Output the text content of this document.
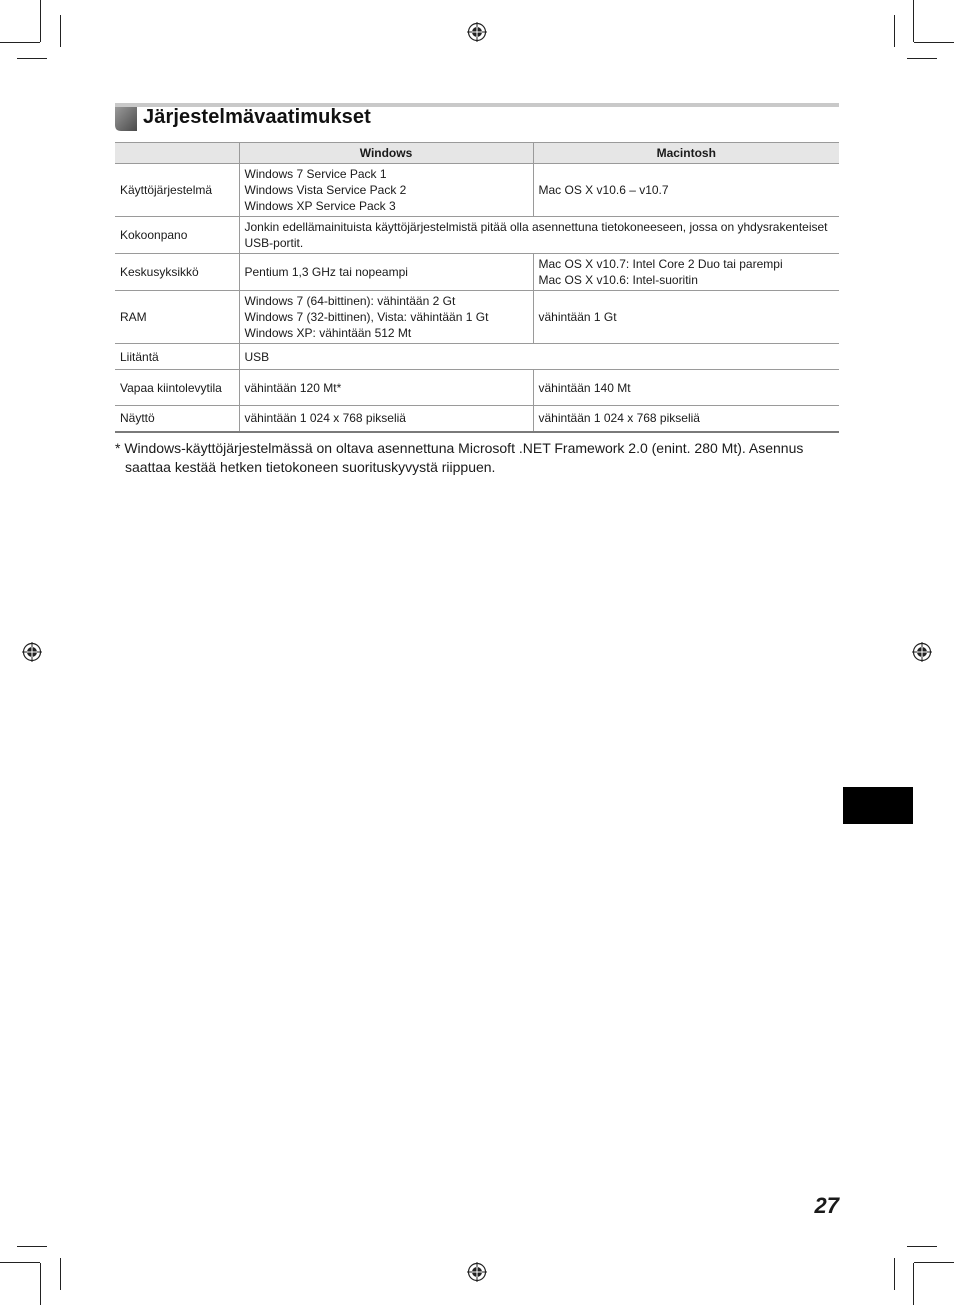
Järjestelmävaatimukset
	Windows	Macintosh
Käyttöjärjestelmä	Windows 7 Service Pack 1
Windows Vista Service Pack 2
Windows XP Service Pack 3	Mac OS X v10.6 – v10.7

Kokoonpano	Jonkin edellämainituista käyttöjärjestelmistä pitää olla asennettuna tietokoneeseen, jossa on yhdysrakenteiset USB-portit.	
Keskusyksikkö	Pentium 1,3 GHz tai nopeampi	Mac OS X v10.7: Intel Core 2 Duo tai parempi
Mac OS X v10.6: Intel-suoritin

RAM	Windows 7 (64-bittinen): vähintään 2 Gt
Windows 7 (32-bittinen), Vista: vähintään 1 Gt
Windows XP: vähintään 512 Mt	vähintään 1 Gt

Liitäntä	USB	
Vapaa kiintolevytila	vähintään 120 Mt*	vähintään 140 Mt

Näyttö	vähintään 1 024 x 768 pikseliä	vähintään 1 024 x 768 pikseliä

* Windows-käyttöjärjestelmässä on oltava asennettuna Microsoft .NET Framework 2.0 (enint. 280 Mt). Asennus saattaa kestää hetken tietokoneen suorituskyvystä riippuen.

27
